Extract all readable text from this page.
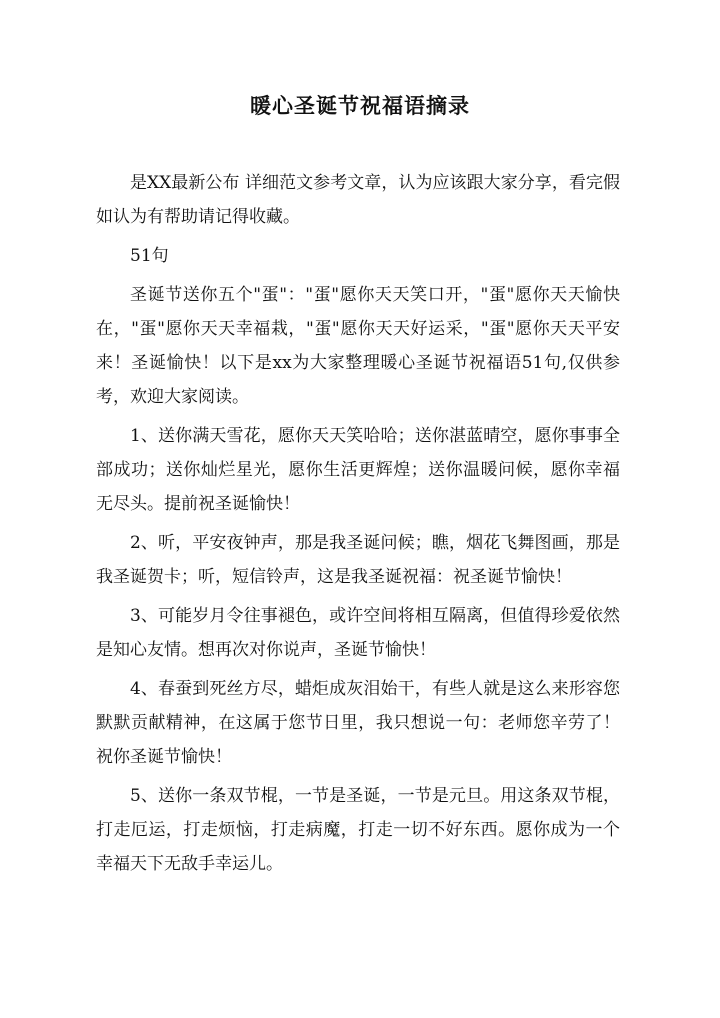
暖心圣诞节祝福语摘录

是XX最新公布 详细范文参考文章，认为应该跟大家分享，看完假如认为有帮助请记得收藏。

51句

圣诞节送你五个"蛋"："蛋"愿你天天笑口开，"蛋"愿你天天愉快在，"蛋"愿你天天幸福栽，"蛋"愿你天天好运采，"蛋"愿你天天平安来！圣诞愉快！以下是xx为大家整理暖心圣诞节祝福语51句,仅供参考，欢迎大家阅读。

1、送你满天雪花，愿你天天笑哈哈；送你湛蓝晴空，愿你事事全部成功；送你灿烂星光，愿你生活更辉煌；送你温暖问候，愿你幸福无尽头。提前祝圣诞愉快！

2、听，平安夜钟声，那是我圣诞问候；瞧，烟花飞舞图画，那是我圣诞贺卡；听，短信铃声，这是我圣诞祝福：祝圣诞节愉快！

3、可能岁月令往事褪色，或许空间将相互隔离，但值得珍爱依然是知心友情。想再次对你说声，圣诞节愉快！

4、春蚕到死丝方尽，蜡炬成灰泪始干，有些人就是这么来形容您默默贡献精神，在这属于您节日里，我只想说一句：老师您辛劳了！祝你圣诞节愉快！

5、送你一条双节棍，一节是圣诞，一节是元旦。用这条双节棍，打走厄运，打走烦恼，打走病魔，打走一切不好东西。愿你成为一个幸福天下无敌手幸运儿。
